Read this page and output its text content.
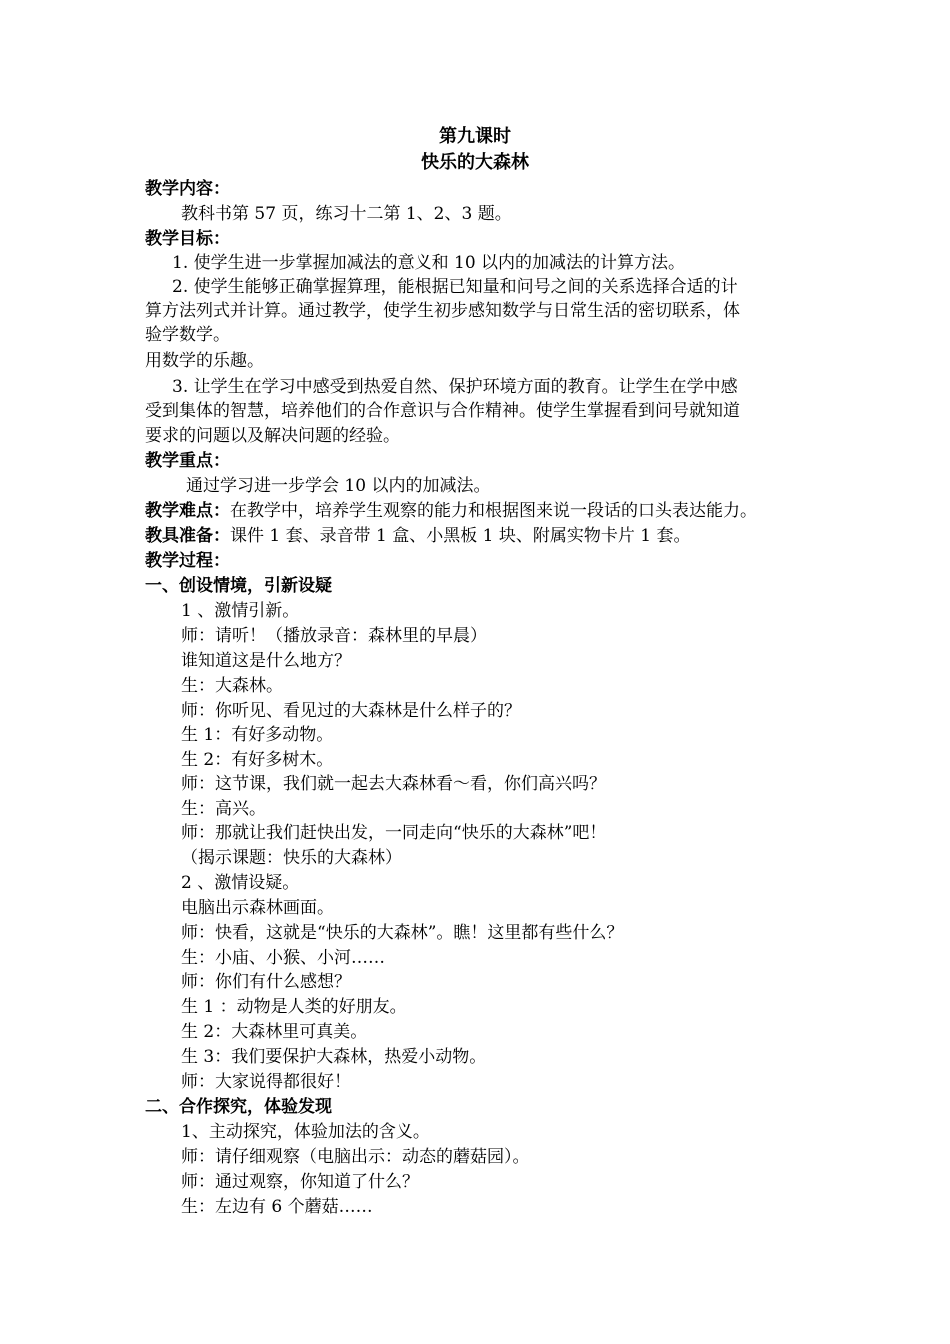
第九课时
快乐的大森林
教学内容：
教科书第 57 页，练习十二第 1、2、3 题。
教学目标：
1. 使学生进一步掌握加减法的意义和 10 以内的加减法的计算方法。
2. 使学生能够正确掌握算理，能根据已知量和问号之间的关系选择合适的计
算方法列式并计算。通过教学，使学生初步感知数学与日常生活的密切联系，体
验学数学。
用数学的乐趣。
3. 让学生在学习中感受到热爱自然、保护环境方面的教育。让学生在学中感
受到集体的智慧，培养他们的合作意识与合作精神。使学生掌握看到问号就知道
要求的问题以及解决问题的经验。
教学重点：
通过学习进一步学会 10 以内的加减法。
教学难点：在教学中，培养学生观察的能力和根据图来说一段话的口头表达能力。
教具准备：课件 1 套、录音带 1 盒、小黑板 1 块、附属实物卡片 1 套。
教学过程：
一、创设情境，引新设疑
1 、激情引新。
师：请听！（播放录音：森林里的早晨）
谁知道这是什么地方？
生：大森林。
师：你听见、看见过的大森林是什么样子的？
生 1：有好多动物。
生 2：有好多树木。
师：这节课，我们就一起去大森林看～看，你们高兴吗？
生：高兴。
师：那就让我们赶快出发，一同走向“快乐的大森林”吧！
（揭示课题：快乐的大森林）
2 、激情设疑。
电脑出示森林画面。
师：快看，这就是“快乐的大森林”。瞧！这里都有些什么？
生：小庙、小猴、小河……
师：你们有什么感想？
生 1 ：动物是人类的好朋友。
生 2：大森林里可真美。
生 3：我们要保护大森林，热爱小动物。
师：大家说得都很好！
二、合作探究，体验发现
1、主动探究，体验加法的含义。
师：请仔细观察（电脑出示：动态的蘑菇园）。
师：通过观察，你知道了什么？
生：左边有 6 个蘑菇……
